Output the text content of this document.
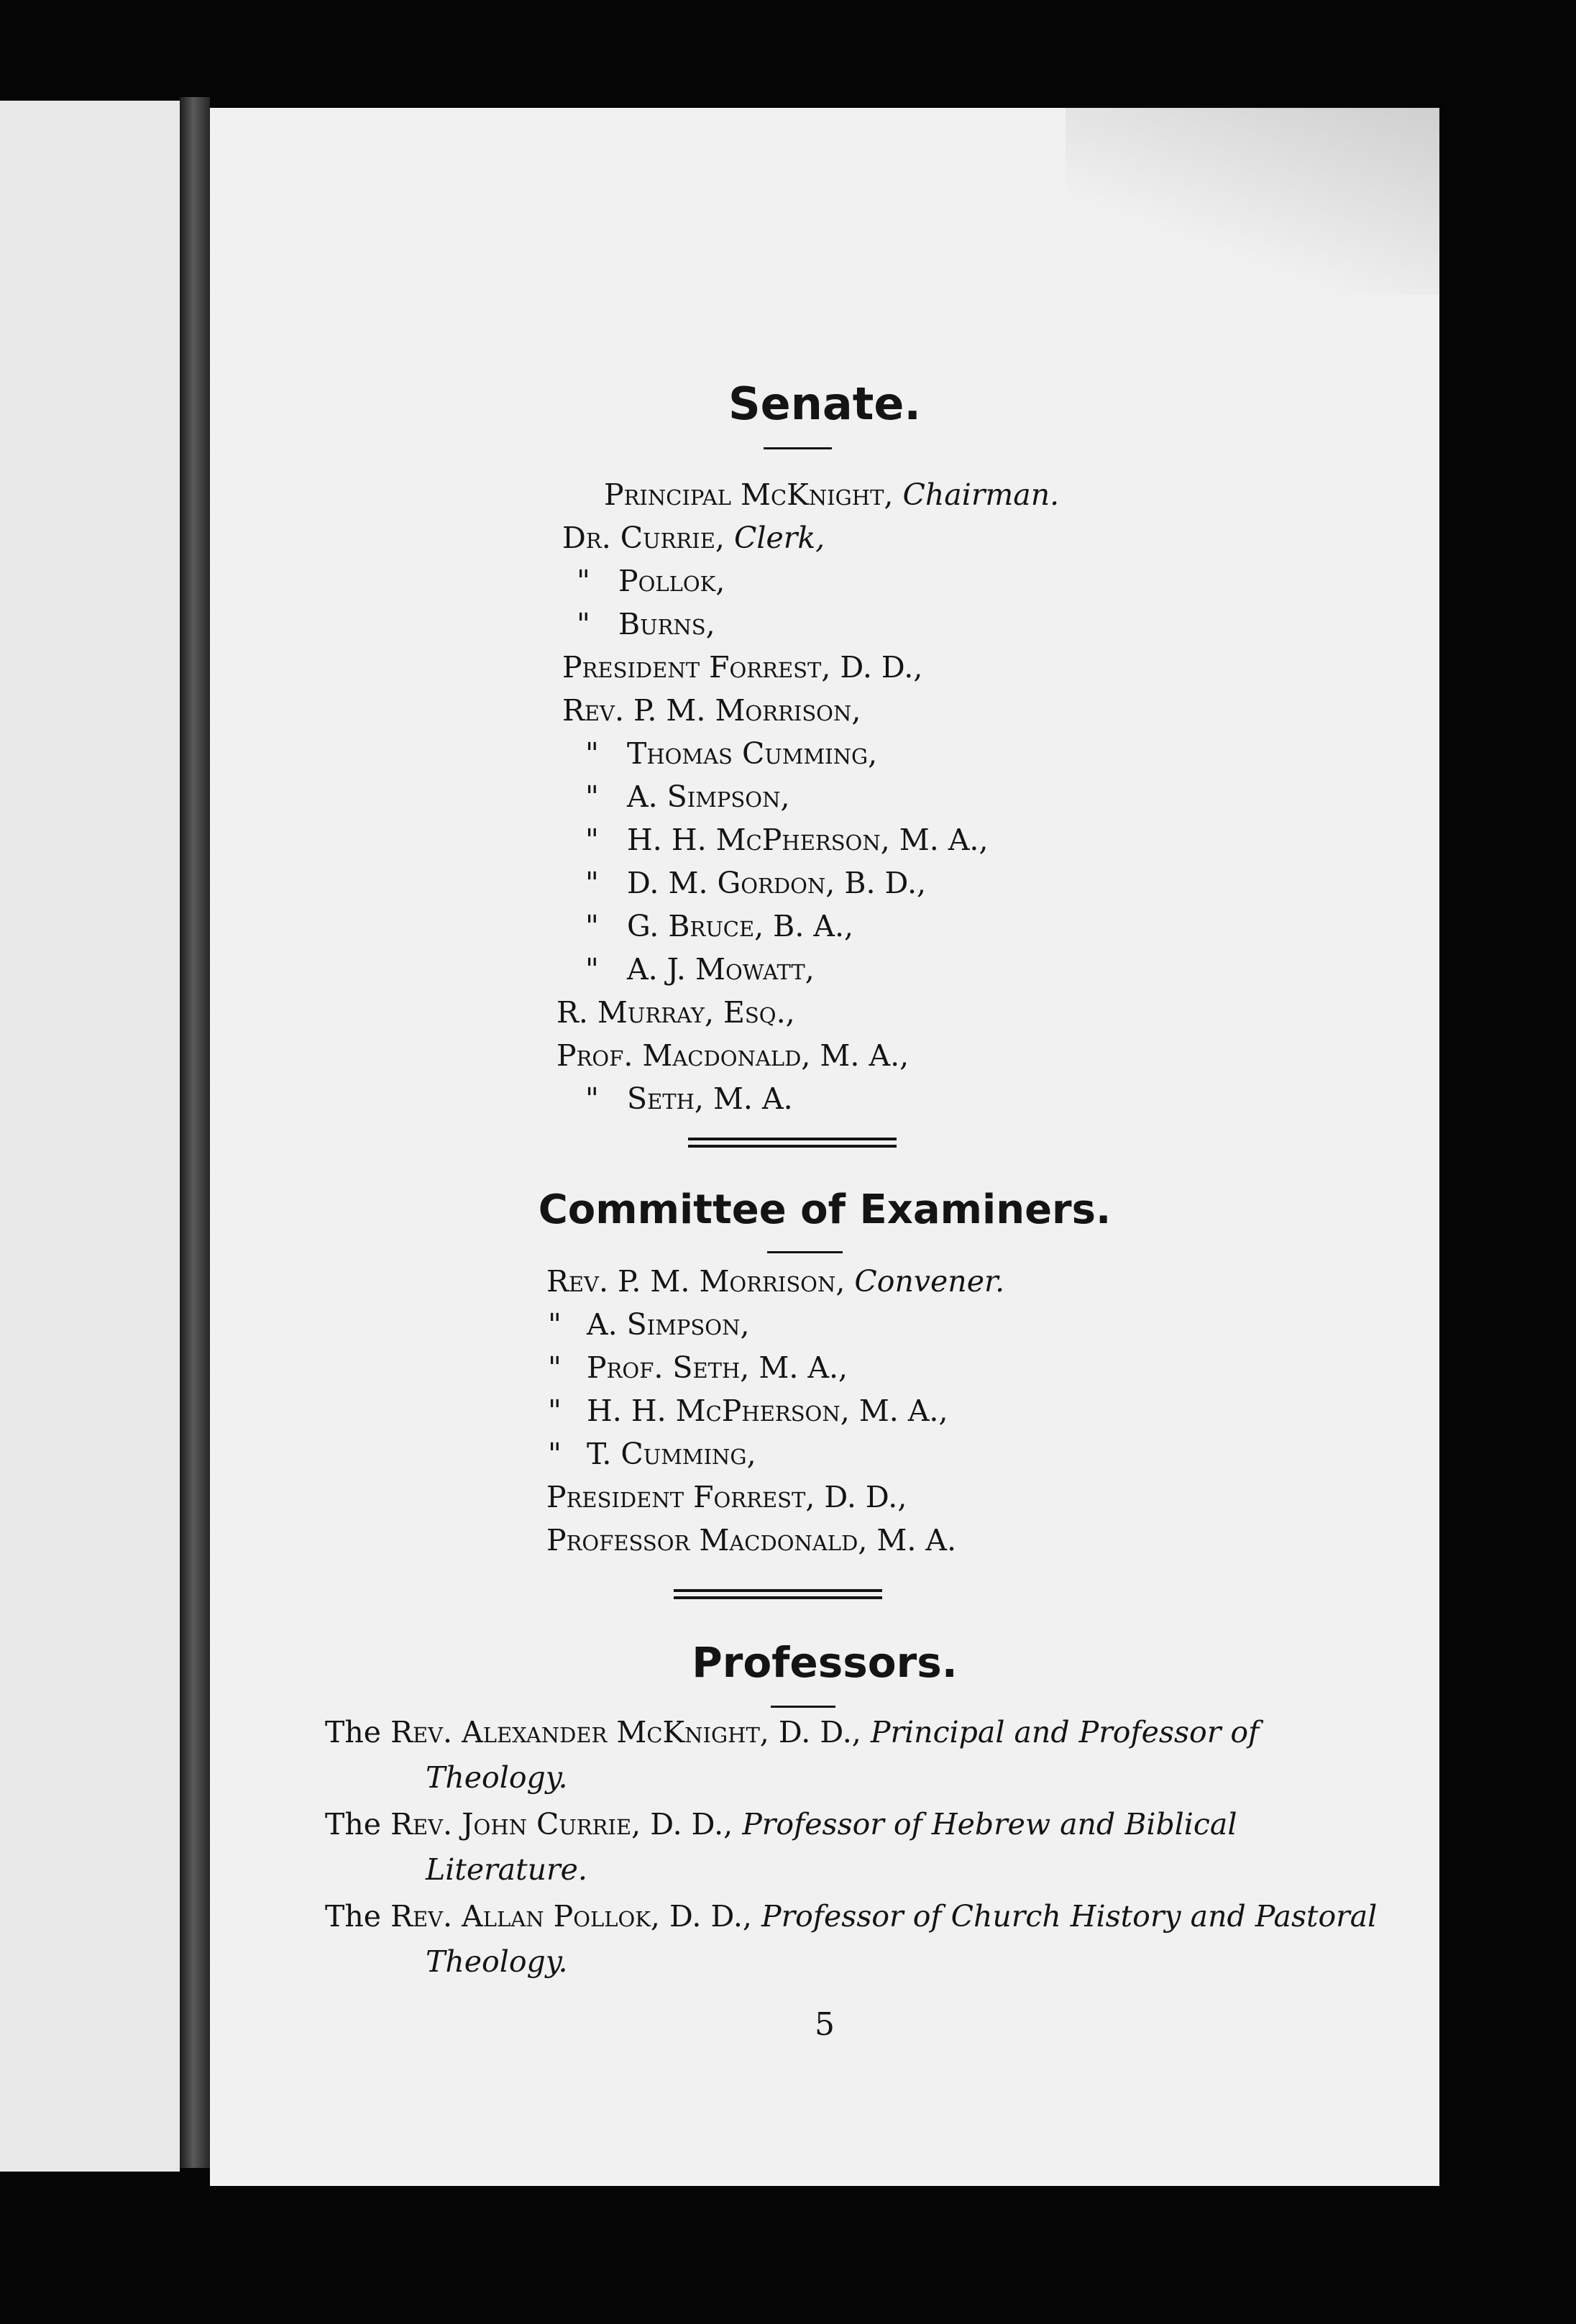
Senate.
Principal McKnight, Chairman.
Dr. Currie, Clerk,
" Pollok,
" Burns,
President Forrest, D. D.,
Rev. P. M. Morrison,
" Thomas Cumming,
" A. Simpson,
" H. H. McPherson, M. A.,
" D. M. Gordon, B. D.,
" G. Bruce, B. A.,
" A. J. Mowatt,
R. Murray, Esq.,
Prof. Macdonald, M. A.,
" Seth, M. A.
Committee of Examiners.
Rev. P. M. Morrison, Convener.
" A. Simpson,
" Prof. Seth, M. A.,
" H. H. McPherson, M. A.,
" T. Cumming,
President Forrest, D. D.,
Professor Macdonald, M. A.
Professors.
The Rev. Alexander McKnight, D. D., Principal and Professor of Theology.
The Rev. John Currie, D. D., Professor of Hebrew and Biblical Literature.
The Rev. Allan Pollok, D. D., Professor of Church History and Pastoral Theology.
5
